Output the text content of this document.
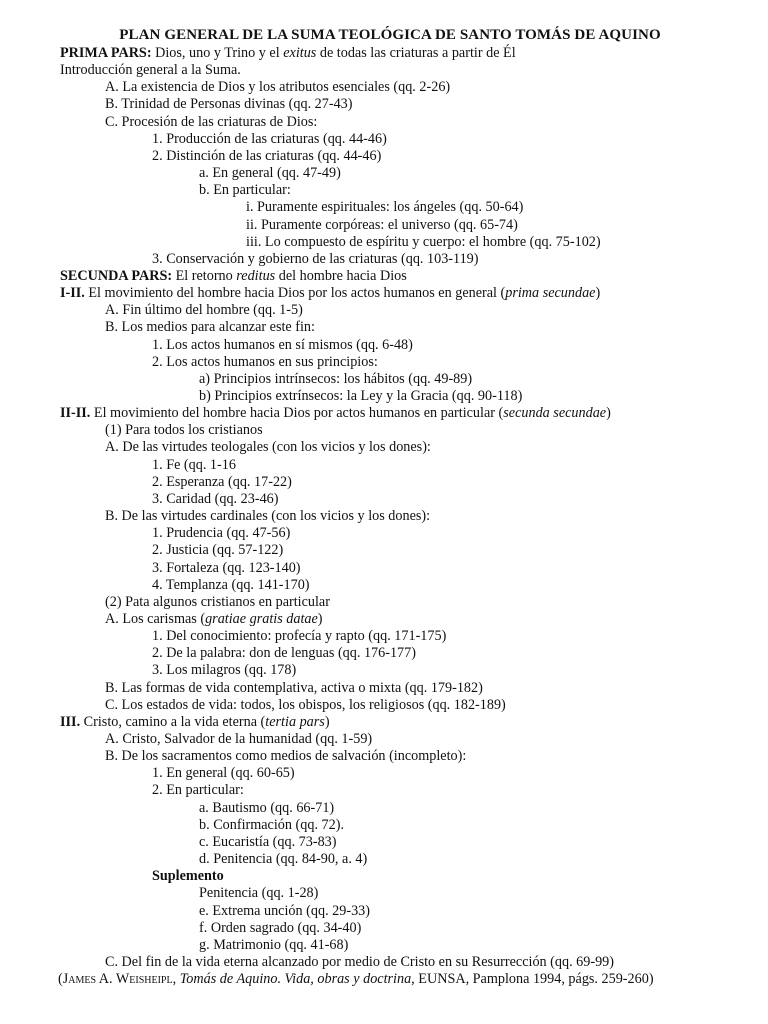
PLAN GENERAL DE LA SUMA TEOLÓGICA DE SANTO TOMÁS DE AQUINO
PRIMA PARS: Dios, uno y Trino y el exitus de todas las criaturas a partir de Él
Introducción general a la Suma.
A. La existencia de Dios y los atributos esenciales (qq. 2-26)
B. Trinidad de Personas divinas (qq. 27-43)
C. Procesión de las criaturas de Dios:
1. Producción de las criaturas (qq. 44-46)
2. Distinción de las criaturas (qq. 44-46)
a. En general (qq. 47-49)
b. En particular:
i. Puramente espirituales: los ángeles (qq. 50-64)
ii. Puramente corpóreas: el universo (qq. 65-74)
iii. Lo compuesto de espíritu y cuerpo: el hombre (qq. 75-102)
3. Conservación y gobierno de las criaturas (qq. 103-119)
SECUNDA PARS: El retorno reditus del hombre hacia Dios
I-II. El movimiento del hombre hacia Dios por los actos humanos en general (prima secundae)
A. Fin último del hombre (qq. 1-5)
B. Los medios para alcanzar este fin:
1. Los actos humanos en sí mismos (qq. 6-48)
2. Los actos humanos en sus principios:
a) Principios intrínsecos: los hábitos (qq. 49-89)
b) Principios extrínsecos: la Ley y la Gracia (qq. 90-118)
II-II. El movimiento del hombre hacia Dios por actos humanos en particular (secunda secundae)
(1) Para todos los cristianos
A. De las virtudes teologales (con los vicios y los dones):
1. Fe (qq. 1-16
2. Esperanza (qq. 17-22)
3. Caridad (qq. 23-46)
B. De las virtudes cardinales (con los vicios y los dones):
1. Prudencia (qq. 47-56)
2. Justicia (qq. 57-122)
3. Fortaleza (qq. 123-140)
4. Templanza (qq. 141-170)
(2) Pata algunos cristianos en particular
A. Los carismas (gratiae gratis datae)
1. Del conocimiento: profecía y rapto (qq. 171-175)
2. De la palabra: don de lenguas (qq. 176-177)
3. Los milagros (qq. 178)
B. Las formas de vida contemplativa, activa o mixta (qq. 179-182)
C. Los estados de vida: todos, los obispos, los religiosos (qq. 182-189)
III. Cristo, camino a la vida eterna (tertia pars)
A. Cristo, Salvador de la humanidad (qq. 1-59)
B. De los sacramentos como medios de salvación (incompleto):
1. En general (qq. 60-65)
2. En particular:
a. Bautismo (qq. 66-71)
b. Confirmación (qq. 72).
c. Eucaristía (qq. 73-83)
d. Penitencia (qq. 84-90, a. 4)
Suplemento
Penitencia (qq. 1-28)
e. Extrema unción (qq. 29-33)
f. Orden sagrado (qq. 34-40)
g. Matrimonio (qq. 41-68)
C. Del fin de la vida eterna alcanzado por medio de Cristo en su Resurrección (qq. 69-99)
(James A. Weisheipl, Tomás de Aquino. Vida, obras y doctrina, EUNSA, Pamplona 1994, págs. 259-260)
